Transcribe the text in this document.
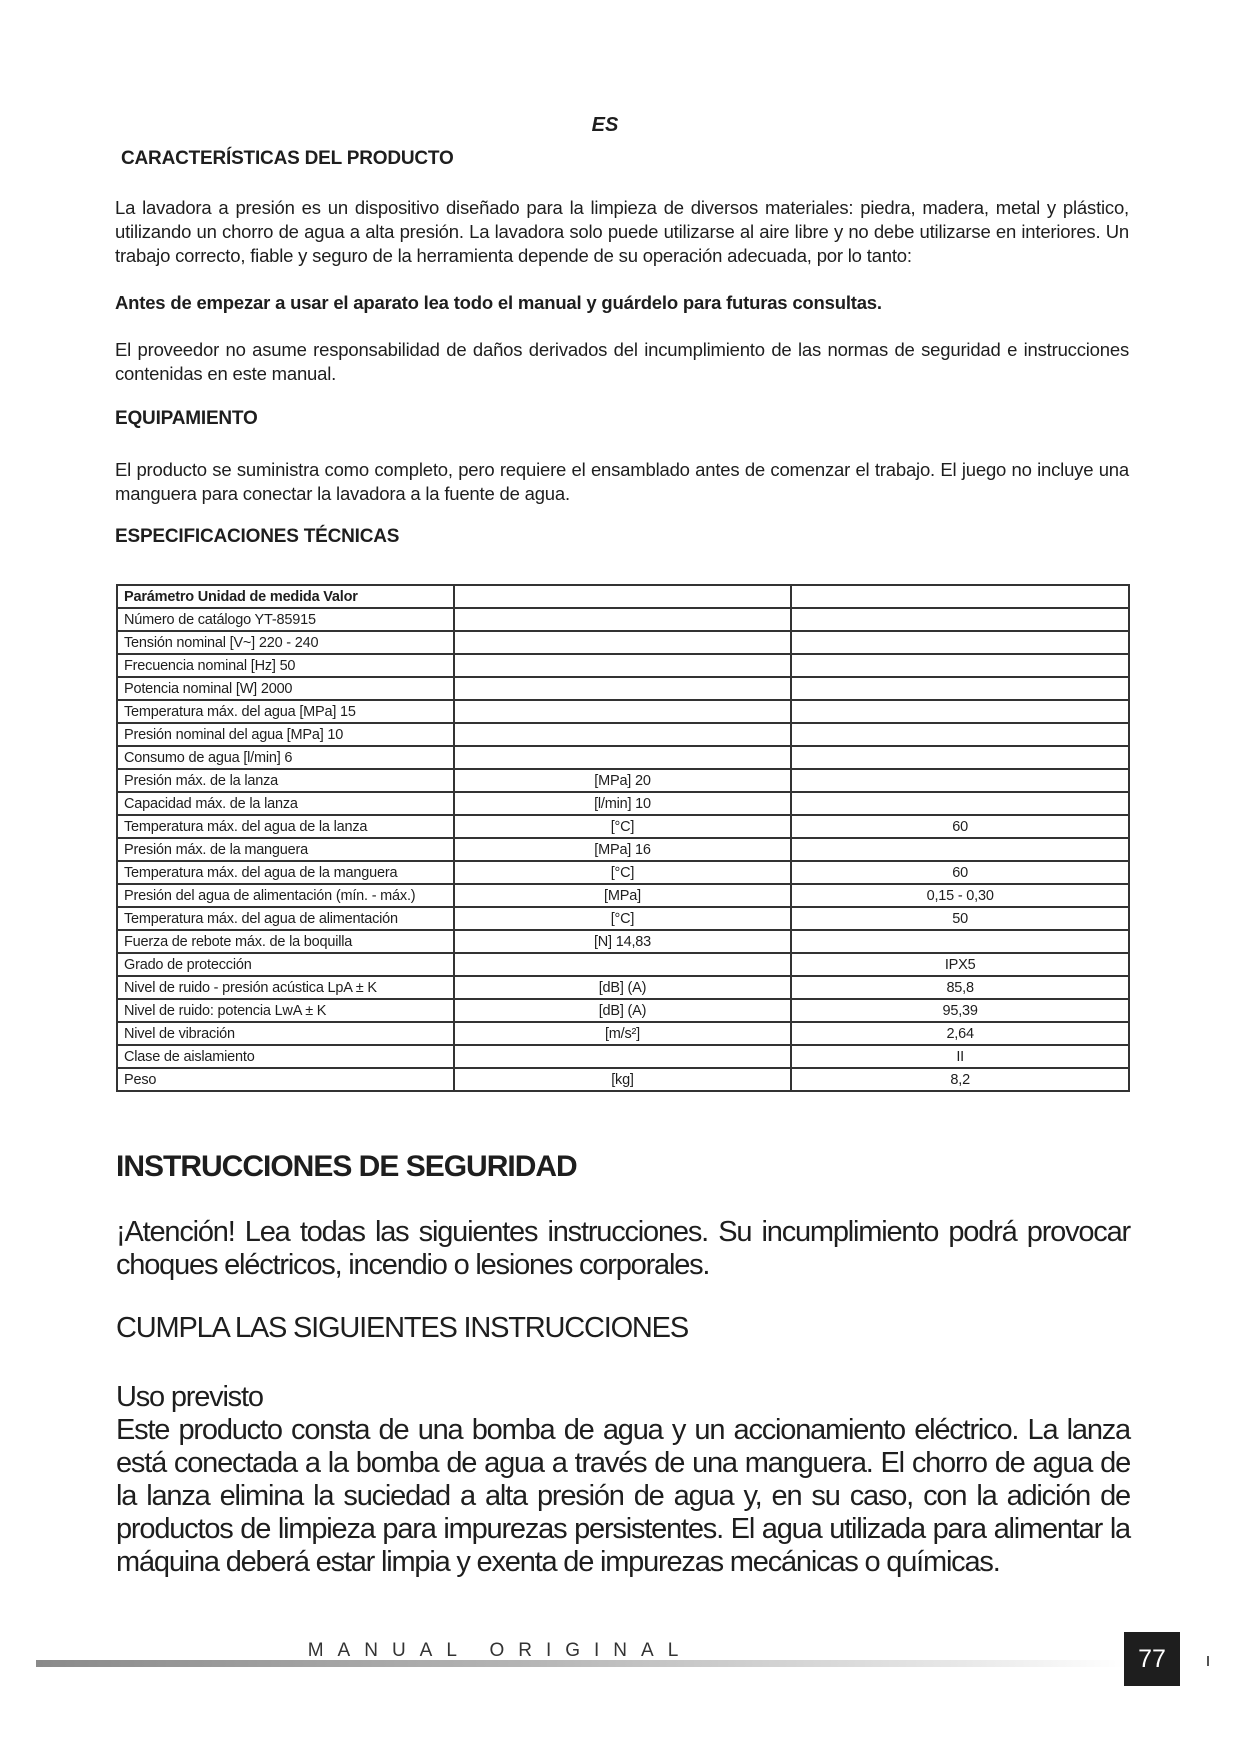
ES
CARACTERÍSTICAS DEL PRODUCTO
La lavadora a presión es un dispositivo diseñado para la limpieza de diversos materiales: piedra, madera, metal y plástico, utilizando un chorro de agua a alta presión. La lavadora solo puede utilizarse al aire libre y no debe utilizarse en interiores. Un trabajo correcto, fiable y seguro de la herramienta depende de su operación adecuada, por lo tanto:
Antes de empezar a usar el aparato lea todo el manual y guárdelo para futuras consultas.
El proveedor no asume responsabilidad de daños derivados del incumplimiento de las normas de seguridad e instrucciones contenidas en este manual.
EQUIPAMIENTO
El producto se suministra como completo, pero requiere el ensamblado antes de comenzar el trabajo. El juego no incluye una manguera para conectar la lavadora a la fuente de agua.
ESPECIFICACIONES TÉCNICAS
Parámetro Unidad de medida Valor		
Número de catálogo YT-85915		
Tensión nominal [V~] 220 - 240		
Frecuencia nominal [Hz] 50		
Potencia nominal [W] 2000		
Temperatura máx. del agua [MPa] 15		
Presión nominal del agua [MPa] 10		
Consumo de agua [l/min] 6		
Presión máx. de la lanza	[MPa] 20	
Capacidad máx. de la lanza	[l/min] 10	
Temperatura máx. del agua de la lanza	[°C]	60
Presión máx. de la manguera	[MPa] 16	
Temperatura máx. del agua de la manguera	[°C]	60
Presión del agua de alimentación (mín. - máx.)	[MPa]	0,15 - 0,30
Temperatura máx. del agua de alimentación	[°C]	50
Fuerza de rebote máx. de la boquilla	[N] 14,83	
Grado de protección		IPX5
Nivel de ruido - presión acústica LpA ± K	[dB] (A)	85,8
Nivel de ruido: potencia LwA ± K	[dB] (A)	95,39
Nivel de vibración	[m/s²]	2,64
Clase de aislamiento		II
Peso	[kg]	8,2
INSTRUCCIONES DE SEGURIDAD
¡Atención! Lea todas las siguientes instrucciones. Su incumplimiento podrá provocar choques eléctricos, incendio o lesiones corporales.
CUMPLA LAS SIGUIENTES INSTRUCCIONES
Uso previsto
Este producto consta de una bomba de agua y un accionamiento eléctrico. La lanza está conectada a la bomba de agua a través de una manguera. El chorro de agua de la lanza elimina la suciedad a alta presión de agua y, en su caso, con la adición de productos de limpieza para impurezas persistentes. El agua utilizada para alimentar la máquina deberá estar limpia y exenta de impurezas mecánicas o químicas.
MANUAL ORIGINAL	77
